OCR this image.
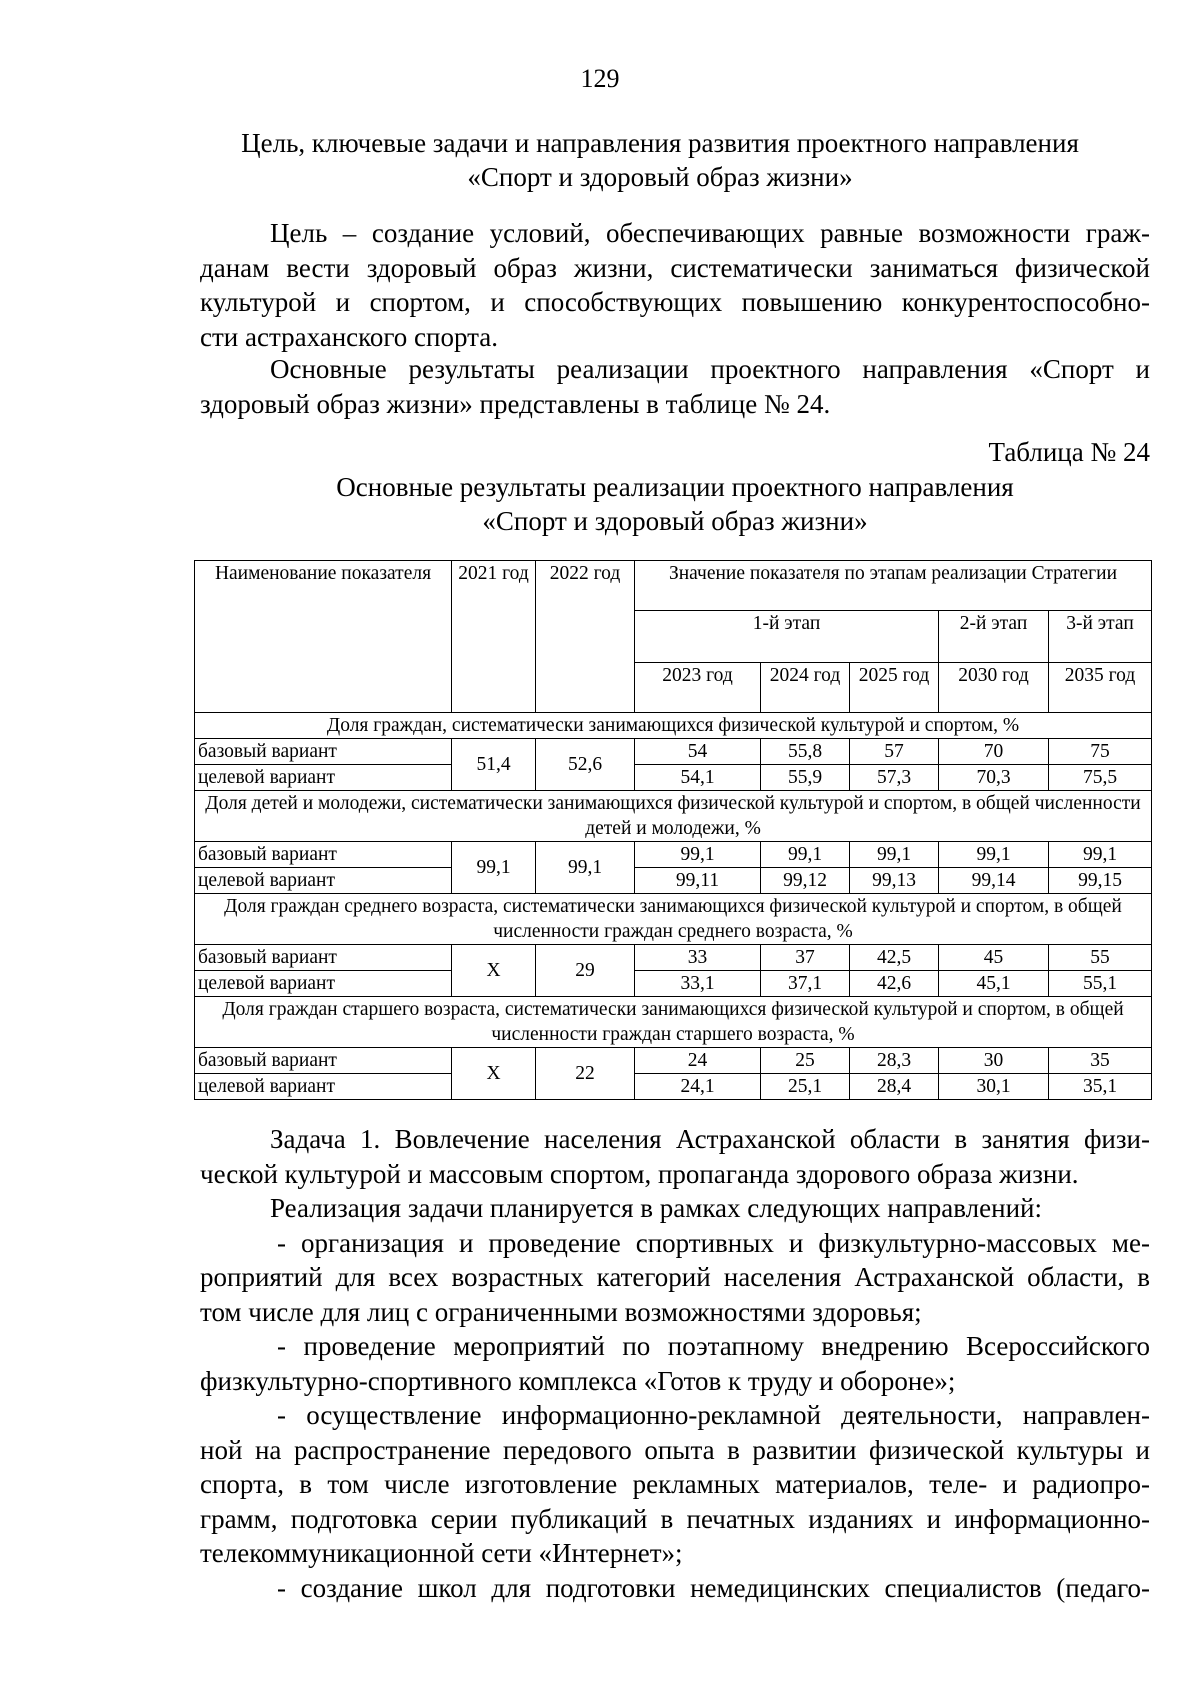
129
Цель, ключевые задачи и направления развития проектного направления
«Спорт и здоровый образ жизни»
Цель – создание условий, обеспечивающих равные возможности граж-
данам вести здоровый образ жизни, систематически заниматься физической
культурой и спортом, и способствующих повышению конкурентоспособно-
сти астраханского спорта.
Основные результаты реализации проектного направления «Спорт и
здоровый образ жизни» представлены в таблице № 24.
Таблица № 24
Основные результаты реализации проектного направления
«Спорт и здоровый образ жизни»
Наименование показателя	2021 год	2022 год	Значение показателя по этапам реализации Стратегии				
			1-й этап			2-й этап	3-й этап
			2023 год	2024 год	2025 год	2030 год	2035 год
Доля граждан, систематически занимающихся физической культурой и спортом, %							
базовый вариант	51,4	52,6	54	55,8	57	70	75
целевой вариант			54,1	55,9	57,3	70,3	75,5
Доля детей и молодежи, систематически занимающихся физической культурой и спортом, в общей численности детей и молодежи, %							
базовый вариант	99,1	99,1	99,1	99,1	99,1	99,1	99,1
целевой вариант			99,11	99,12	99,13	99,14	99,15
Доля граждан среднего возраста, систематически занимающихся физической культурой и спортом, в общей численности граждан среднего возраста, %							
базовый вариант	Х	29	33	37	42,5	45	55
целевой вариант			33,1	37,1	42,6	45,1	55,1
Доля граждан старшего возраста, систематически занимающихся физической культурой и спортом, в общей численности граждан старшего возраста, %							
базовый вариант	Х	22	24	25	28,3	30	35
целевой вариант			24,1	25,1	28,4	30,1	35,1
Задача 1. Вовлечение населения Астраханской области в занятия физи-
ческой культурой и массовым спортом, пропаганда здорового образа жизни.
Реализация задачи планируется в рамках следующих направлений:
- организация и проведение спортивных и физкультурно-массовых ме-
роприятий для всех возрастных категорий населения Астраханской области, в
том числе для лиц с ограниченными возможностями здоровья;
- проведение мероприятий по поэтапному внедрению Всероссийского
физкультурно-спортивного комплекса «Готов к труду и обороне»;
- осуществление информационно-рекламной деятельности, направлен-
ной на распространение передового опыта в развитии физической культуры и
спорта, в том числе изготовление рекламных материалов, теле- и радиопро-
грамм, подготовка серии публикаций в печатных изданиях и информационно-
телекоммуникационной сети «Интернет»;
- создание школ для подготовки немедицинских специалистов (педаго-
